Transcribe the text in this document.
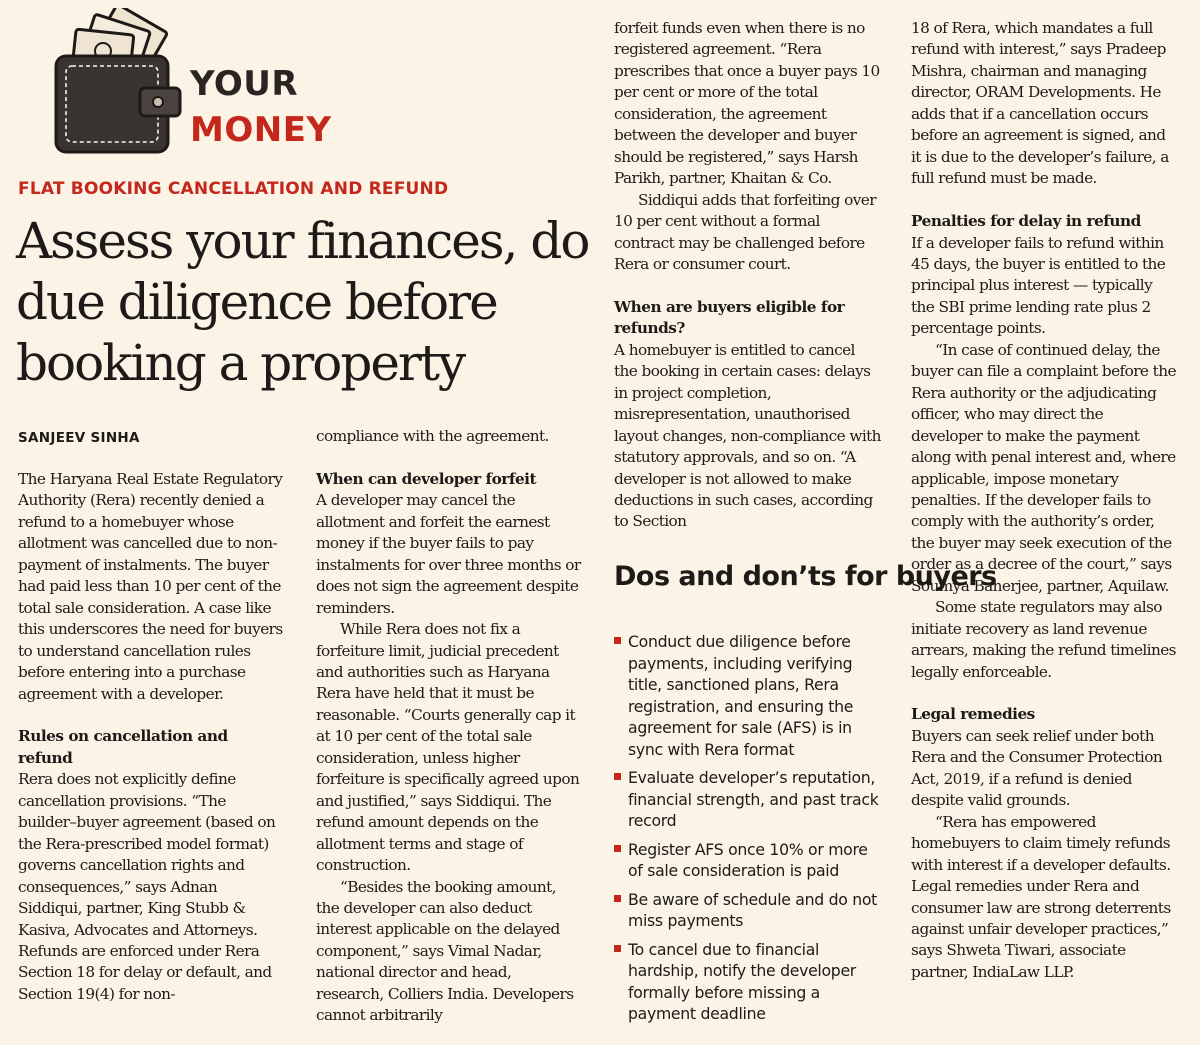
YOUR
MONEY
FLAT BOOKING CANCELLATION AND REFUND
Assess your finances, do due diligence before booking a property
SANJEEV SINHA

The Haryana Real Estate Regulatory Authority (Rera) recently denied a refund to a homebuyer whose allotment was cancelled due to non-payment of instalments. The buyer had paid less than 10 per cent of the total sale consideration. A case like this underscores the need for buyers to understand cancellation rules before entering into a purchase agreement with a developer.

Rules on cancellation and refund

Rera does not explicitly define cancellation provisions. “The builder–buyer agreement (based on the Rera-prescribed model format) governs cancellation rights and consequences,” says Adnan Siddiqui, partner, King Stubb & Kasiva, Advocates and Attorneys. Refunds are enforced under Rera Section 18 for delay or default, and Section 19(4) for non-

compliance with the agreement.

When can developer forfeit

A developer may cancel the allotment and forfeit the earnest money if the buyer fails to pay instalments for over three months or does not sign the agreement despite reminders.

While Rera does not fix a forfeiture limit, judicial precedent and authorities such as Haryana Rera have held that it must be reasonable. “Courts generally cap it at 10 per cent of the total sale consideration, unless higher forfeiture is specifically agreed upon and justified,” says Siddiqui. The refund amount depends on the allotment terms and stage of construction.

“Besides the booking amount, the developer can also deduct interest applicable on the delayed component,” says Vimal Nadar, national director and head, research, Colliers India. Developers cannot arbitrarily

forfeit funds even when there is no registered agreement. “Rera prescribes that once a buyer pays 10 per cent or more of the total consideration, the agreement between the developer and buyer should be registered,” says Harsh Parikh, partner, Khaitan & Co.

Siddiqui adds that forfeiting over 10 per cent without a formal contract may be challenged before Rera or consumer court.

When are buyers eligible for refunds?

A homebuyer is entitled to cancel the booking in certain cases: delays in project completion, misrepresentation, unauthorised layout changes, non-compliance with statutory approvals, and so on. “A developer is not allowed to make deductions in such cases, according to Section

Dos and don’ts for buyers
Conduct due diligence before payments, including verifying title, sanctioned plans, Rera registration, and ensuring the agreement for sale (AFS) is in sync with Rera format
Evaluate developer’s reputation, financial strength, and past track record
Register AFS once 10% or more of sale consideration is paid
Be aware of schedule and do not miss payments
To cancel due to financial hardship, notify the developer formally before missing a payment deadline

18 of Rera, which mandates a full refund with interest,” says Pradeep Mishra, chairman and managing director, ORAM Developments. He adds that if a cancellation occurs before an agreement is signed, and it is due to the developer’s failure, a full refund must be made.

Penalties for delay in refund

If a developer fails to refund within 45 days, the buyer is entitled to the principal plus interest — typically the SBI prime lending rate plus 2 percentage points.

“In case of continued delay, the buyer can file a complaint before the Rera authority or the adjudicating officer, who may direct the developer to make the payment along with penal interest and, where applicable, impose monetary penalties. If the developer fails to comply with the authority’s order, the buyer may seek execution of the order as a decree of the court,” says Soumya Banerjee, partner, Aquilaw.

Some state regulators may also initiate recovery as land revenue arrears, making the refund timelines legally enforceable.

Legal remedies

Buyers can seek relief under both Rera and the Consumer Protection Act, 2019, if a refund is denied despite valid grounds.

“Rera has empowered homebuyers to claim timely refunds with interest if a developer defaults. Legal remedies under Rera and consumer law are strong deterrents against unfair developer practices,” says Shweta Tiwari, associate partner, IndiaLaw LLP.
